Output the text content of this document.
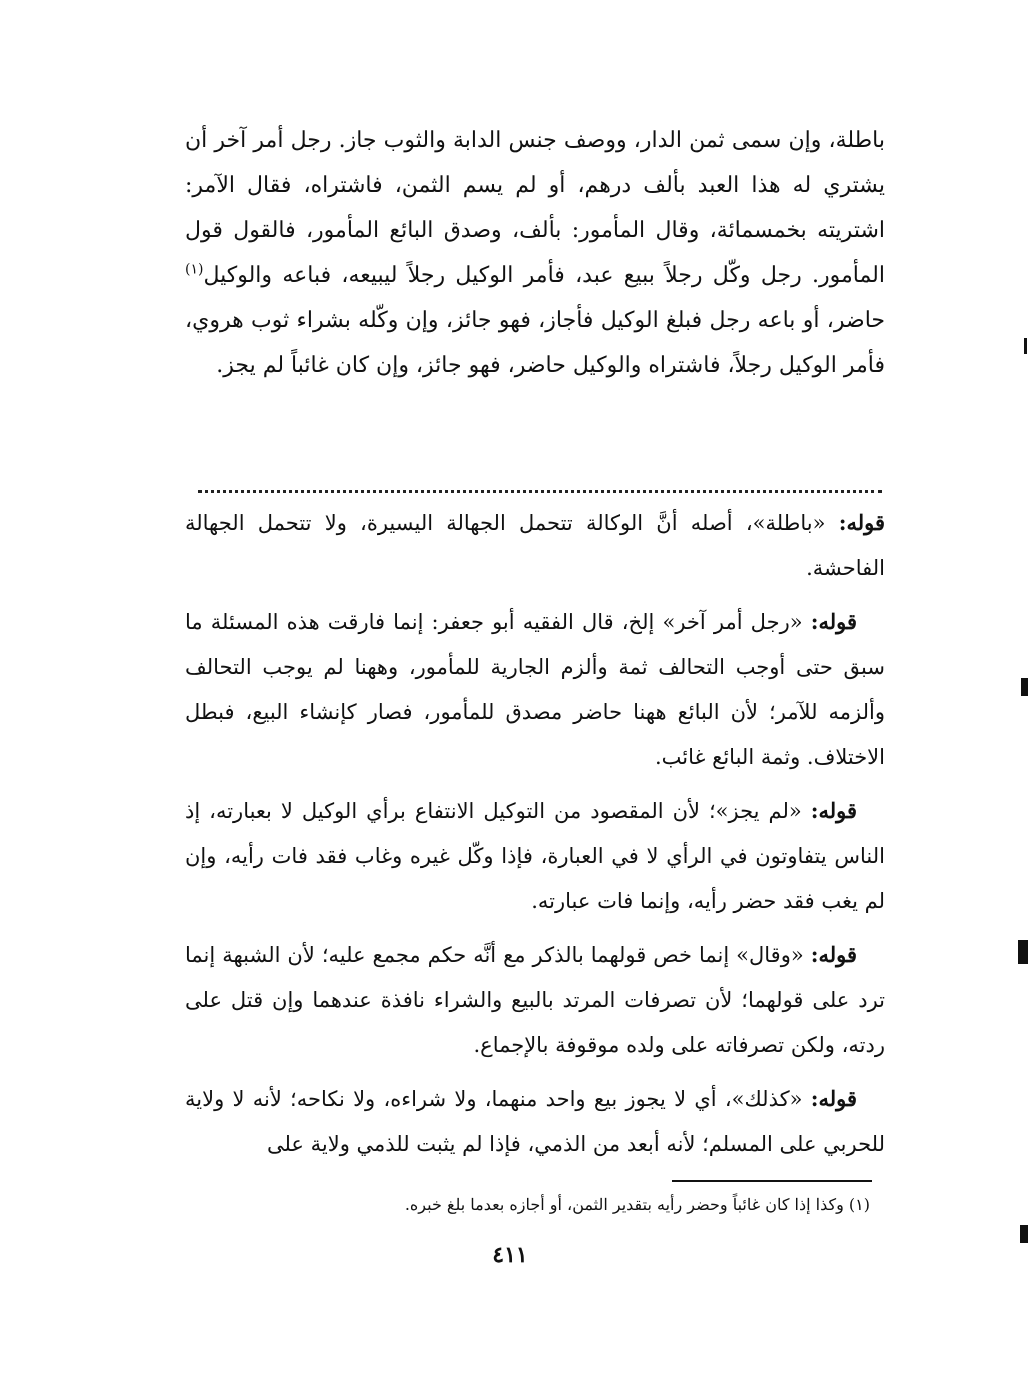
باطلة، وإن سمى ثمن الدار، ووصف جنس الدابة والثوب جاز. رجل أمر آخر أن يشتري له هذا العبد بألف درهم، أو لم يسم الثمن، فاشتراه، فقال الآمر: اشتريته بخمسمائة، وقال المأمور: بألف، وصدق البائع المأمور، فالقول قول المأمور. رجل وكّل رجلاً ببيع عبد، فأمر الوكيل رجلاً ليبيعه، فباعه والوكيل$^{(١)}$ حاضر، أو باعه رجل فبلغ الوكيل فأجاز، فهو جائز، وإن وكّله بشراء ثوب هروي، فأمر الوكيل رجلاً، فاشتراه والوكيل حاضر، فهو جائز، وإن كان غائباً لم يجز.

قوله: «باطلة»، أصله أنَّ الوكالة تتحمل الجهالة اليسيرة، ولا تتحمل الجهالة الفاحشة.

قوله: «رجل أمر آخر» إلخ، قال الفقيه أبو جعفر: إنما فارقت هذه المسئلة ما سبق حتى أوجب التحالف ثمة وألزم الجارية للمأمور، وههنا لم يوجب التحالف وألزمه للآمر؛ لأن البائع ههنا حاضر مصدق للمأمور، فصار كإنشاء البيع، فبطل الاختلاف. وثمة البائع غائب.

قوله: «لم يجز»؛ لأن المقصود من التوكيل الانتفاع برأي الوكيل لا بعبارته، إذ الناس يتفاوتون في الرأي لا في العبارة، فإذا وكّل غيره وغاب فقد فات رأيه، وإن لم يغب فقد حضر رأيه، وإنما فات عبارته.

قوله: «وقال» إنما خص قولهما بالذكر مع أنَّه حكم مجمع عليه؛ لأن الشبهة إنما ترد على قولهما؛ لأن تصرفات المرتد بالبيع والشراء نافذة عندهما وإن قتل على ردته، ولكن تصرفاته على ولده موقوفة بالإجماع.

قوله: «كذلك»، أي لا يجوز بيع واحد منهما، ولا شراءه، ولا نكاحه؛ لأنه لا ولاية للحربي على المسلم؛ لأنه أبعد من الذمي، فإذا لم يثبت للذمي ولاية على

(١) وكذا إذا كان غائباً وحضر رأيه بتقدير الثمن، أو أجازه بعدما بلغ خبره.

٤١١
